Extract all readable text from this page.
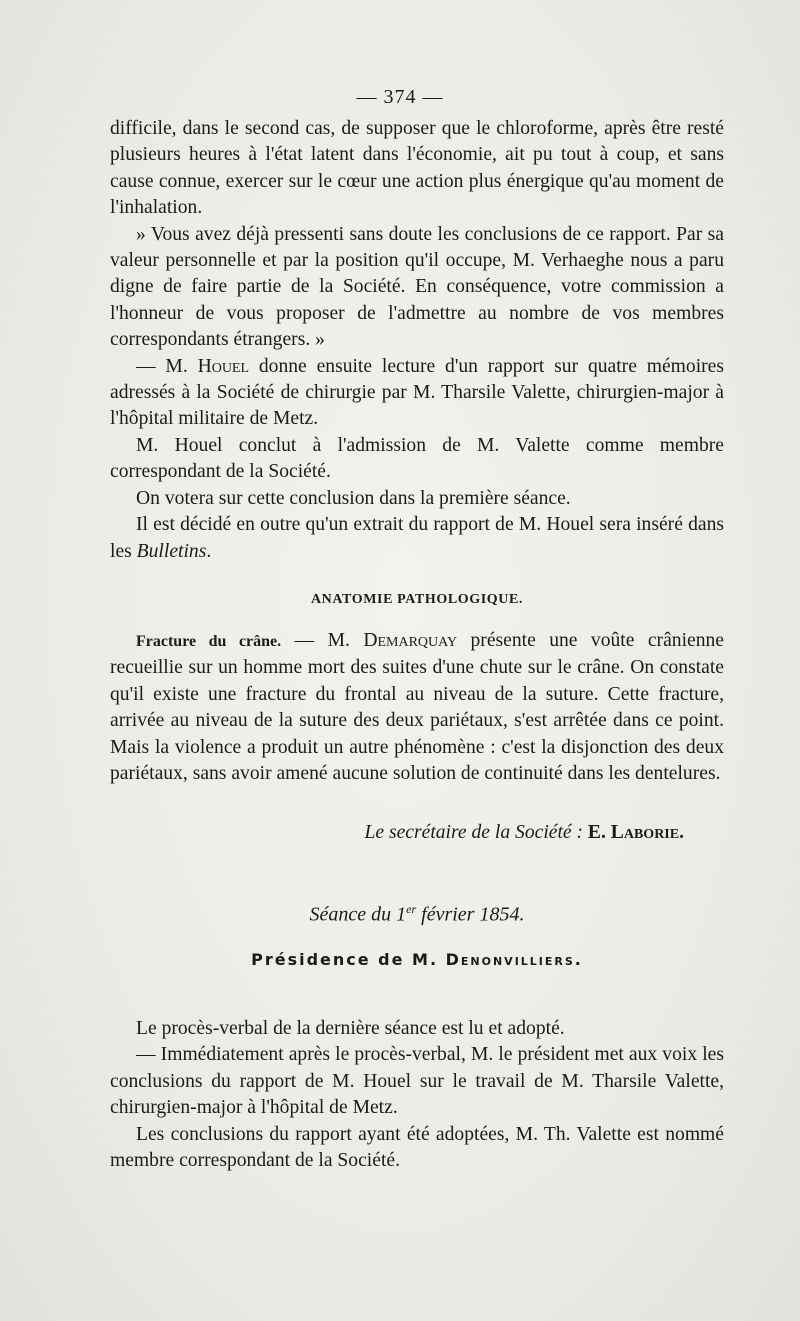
— 374 —

difficile, dans le second cas, de supposer que le chloroforme, après être resté plusieurs heures à l'état latent dans l'économie, ait pu tout à coup, et sans cause connue, exercer sur le cœur une action plus énergique qu'au moment de l'inhalation.

» Vous avez déjà pressenti sans doute les conclusions de ce rapport. Par sa valeur personnelle et par la position qu'il occupe, M. Verhaeghe nous a paru digne de faire partie de la Société. En conséquence, votre commission a l'honneur de vous proposer de l'admettre au nombre de vos membres correspondants étrangers. »

— M. Houel donne ensuite lecture d'un rapport sur quatre mémoires adressés à la Société de chirurgie par M. Tharsile Valette, chirurgien-major à l'hôpital militaire de Metz.

M. Houel conclut à l'admission de M. Valette comme membre correspondant de la Société.

On votera sur cette conclusion dans la première séance.

Il est décidé en outre qu'un extrait du rapport de M. Houel sera inséré dans les Bulletins.

ANATOMIE PATHOLOGIQUE.

Fracture du crâne. — M. Demarquay présente une voûte crânienne recueillie sur un homme mort des suites d'une chute sur le crâne. On constate qu'il existe une fracture du frontal au niveau de la suture. Cette fracture, arrivée au niveau de la suture des deux pariétaux, s'est arrêtée dans ce point. Mais la violence a produit un autre phénomène : c'est la disjonction des deux pariétaux, sans avoir amené aucune solution de continuité dans les dentelures.

Le secrétaire de la Société : E. Laborie.
Séance du 1er février 1854.
Présidence de M. Denonvilliers.

Le procès-verbal de la dernière séance est lu et adopté.

— Immédiatement après le procès-verbal, M. le président met aux voix les conclusions du rapport de M. Houel sur le travail de M. Tharsile Valette, chirurgien-major à l'hôpital de Metz.

Les conclusions du rapport ayant été adoptées, M. Th. Valette est nommé membre correspondant de la Société.
